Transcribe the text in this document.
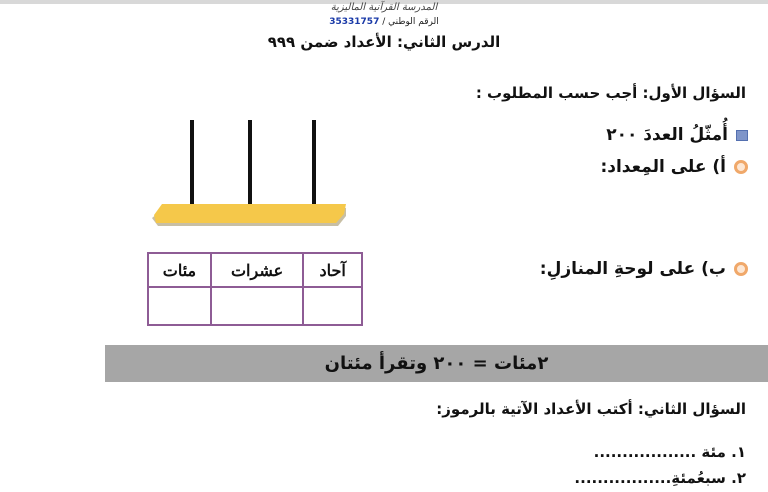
المدرسة القرآنية الماليزية
الرقم الوطني / 35331757
الدرس الثاني: الأعداد ضمن ٩٩٩
السؤال الأول: أجب حسب المطلوب :
أُمثّلُ العددَ ٢٠٠
أ) على المِعداد:
ب) على لوحةِ المنازلِ:
آحاد	عشرات	مئات

٢مئات = ٢٠٠ وتقرأ مئتان
السؤال الثاني: أكتب الأعداد الآتية بالرموز:
١. مئة ..................
٢. سبعُمئةِ.................
